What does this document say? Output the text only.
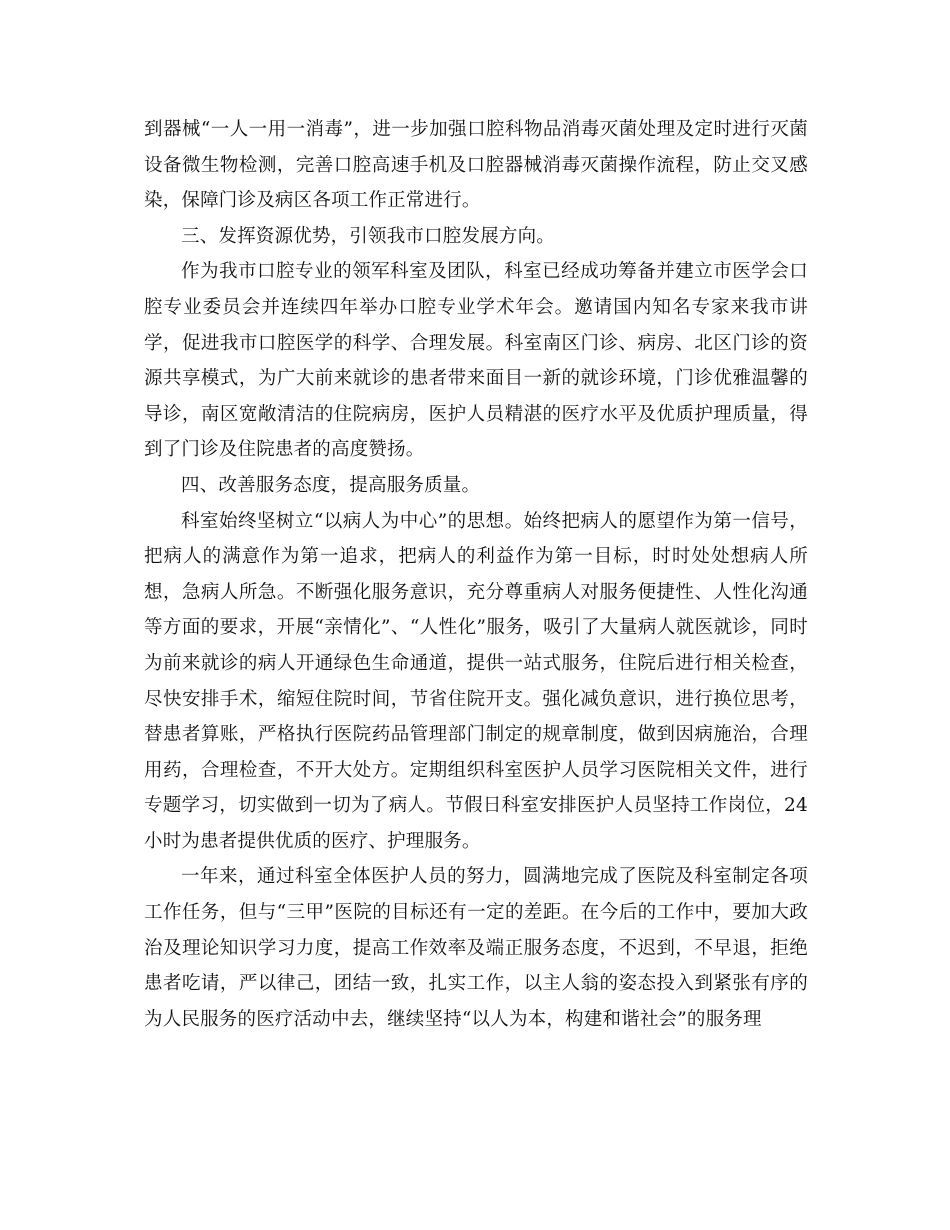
到器械“一人一用一消毒”，进一步加强口腔科物品消毒灭菌处理及定时进行灭菌设备微生物检测，完善口腔高速手机及口腔器械消毒灭菌操作流程，防止交叉感染，保障门诊及病区各项工作正常进行。

三、发挥资源优势，引领我市口腔发展方向。

作为我市口腔专业的领军科室及团队，科室已经成功筹备并建立市医学会口腔专业委员会并连续四年举办口腔专业学术年会。邀请国内知名专家来我市讲学，促进我市口腔医学的科学、合理发展。科室南区门诊、病房、北区门诊的资源共享模式，为广大前来就诊的患者带来面目一新的就诊环境，门诊优雅温馨的导诊，南区宽敞清洁的住院病房，医护人员精湛的医疗水平及优质护理质量，得到了门诊及住院患者的高度赞扬。

四、改善服务态度，提高服务质量。

科室始终坚树立“以病人为中心”的思想。始终把病人的愿望作为第一信号，把病人的满意作为第一追求，把病人的利益作为第一目标，时时处处想病人所想，急病人所急。不断强化服务意识，充分尊重病人对服务便捷性、人性化沟通等方面的要求，开展“亲情化”、“人性化”服务，吸引了大量病人就医就诊，同时为前来就诊的病人开通绿色生命通道，提供一站式服务，住院后进行相关检查，尽快安排手术，缩短住院时间，节省住院开支。强化减负意识，进行换位思考，替患者算账，严格执行医院药品管理部门制定的规章制度，做到因病施治，合理用药，合理检查，不开大处方。定期组织科室医护人员学习医院相关文件，进行专题学习，切实做到一切为了病人。节假日科室安排医护人员坚持工作岗位，24小时为患者提供优质的医疗、护理服务。

一年来，通过科室全体医护人员的努力，圆满地完成了医院及科室制定各项工作任务，但与“三甲”医院的目标还有一定的差距。在今后的工作中，要加大政治及理论知识学习力度，提高工作效率及端正服务态度，不迟到，不早退，拒绝患者吃请，严以律己，团结一致，扎实工作，以主人翁的姿态投入到紧张有序的为人民服务的医疗活动中去，继续坚持“以人为本，构建和谐社会”的服务理
